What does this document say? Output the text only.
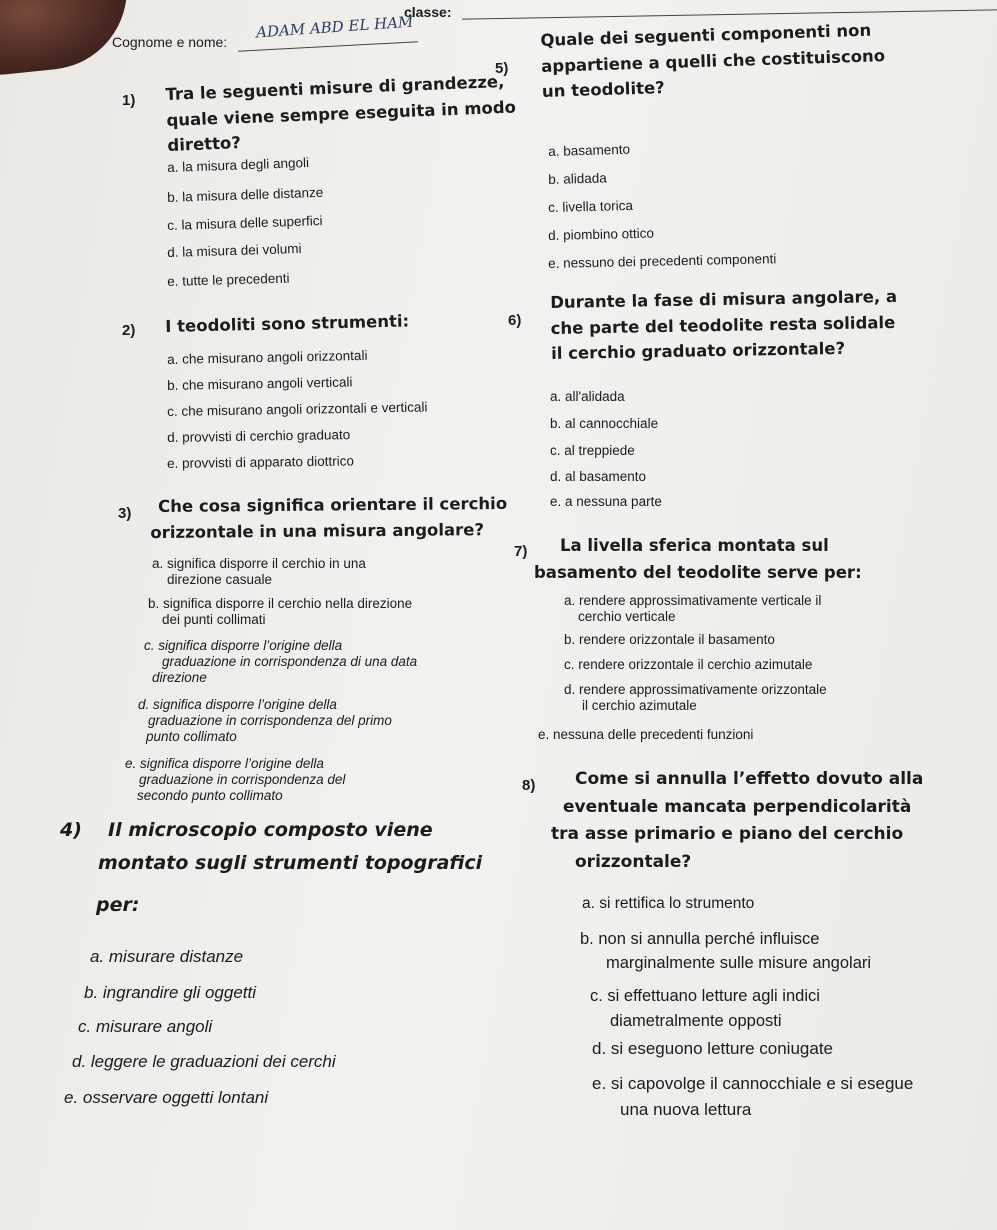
Cognome e nome:
ADAM ABD EL HAM
classe:
1) Tra le seguenti misure di grandezze,
quale viene sempre eseguita in modo
diretto?
a. la misura degli angoli
b. la misura delle distanze
c. la misura delle superfici
d. la misura dei volumi
e. tutte le precedenti
2) I teodoliti sono strumenti:
a. che misurano angoli orizzontali
b. che misurano angoli verticali
c. che misurano angoli orizzontali e verticali
d. provvisti di cerchio graduato
e. provvisti di apparato diottrico
3) Che cosa significa orientare il cerchio
orizzontale in una misura angolare?
a. significa disporre il cerchio in una
direzione casuale
b. significa disporre il cerchio nella direzione
dei punti collimati
c. significa disporre l’origine della
graduazione in corrispondenza di una data
direzione
d. significa disporre l’origine della
graduazione in corrispondenza del primo
punto collimato
e. significa disporre l’origine della
graduazione in corrispondenza del
secondo punto collimato
4) Il microscopio composto viene
montato sugli strumenti topografici
per:
a. misurare distanze
b. ingrandire gli oggetti
c. misurare angoli
d. leggere le graduazioni dei cerchi
e. osservare oggetti lontani
5)
Quale dei seguenti componenti non
appartiene a quelli che costituiscono
un teodolite?
a. basamento
b. alidada
c. livella torica
d. piombino ottico
e. nessuno dei precedenti componenti
6)
Durante la fase di misura angolare, a
che parte del teodolite resta solidale
il cerchio graduato orizzontale?
a. all'alidada
b. al cannocchiale
c. al treppiede
d. al basamento
e. a nessuna parte
7) La livella sferica montata sul
basamento del teodolite serve per:
a. rendere approssimativamente verticale il
cerchio verticale
b. rendere orizzontale il basamento
c. rendere orizzontale il cerchio azimutale
d. rendere approssimativamente orizzontale
il cerchio azimutale
e. nessuna delle precedenti funzioni
8) Come si annulla l’effetto dovuto alla
eventuale mancata perpendicolarità
tra asse primario e piano del cerchio
orizzontale?
a. si rettifica lo strumento
b. non si annulla perché influisce
marginalmente sulle misure angolari
c. si effettuano letture agli indici
diametralmente opposti
d. si eseguono letture coniugate
e. si capovolge il cannocchiale e si esegue
una nuova lettura
